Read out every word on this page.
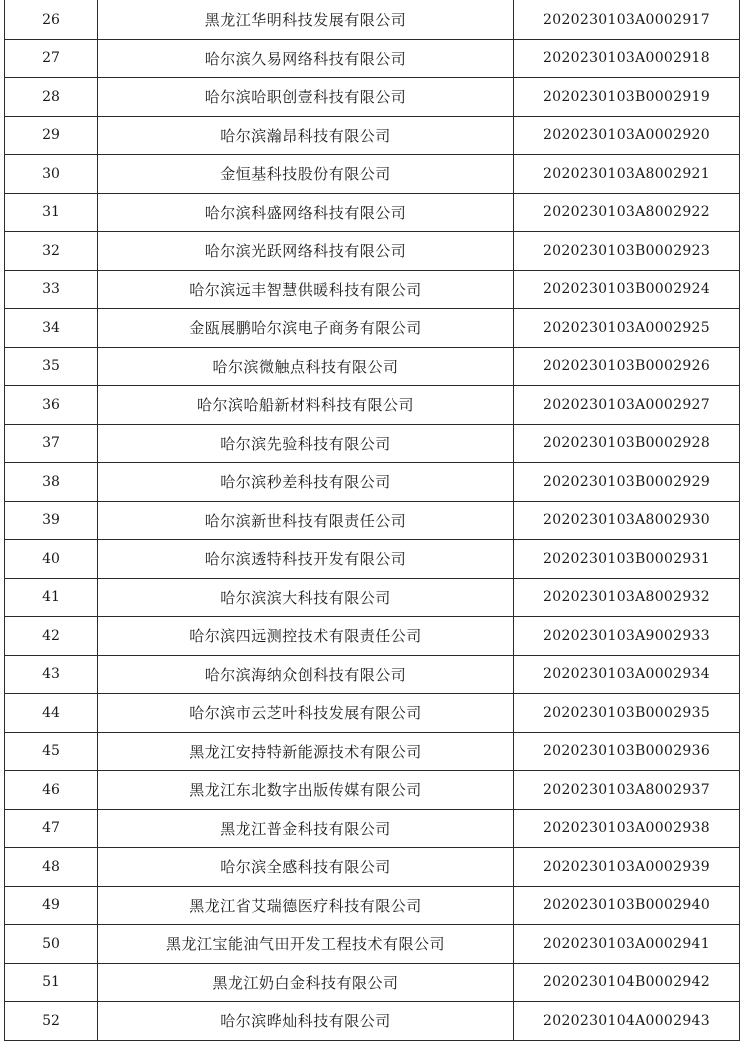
26	黑龙江华明科技发展有限公司	2020230103A0002917
27	哈尔滨久易网络科技有限公司	2020230103A0002918
28	哈尔滨哈职创壹科技有限公司	2020230103B0002919
29	哈尔滨瀚昂科技有限公司	2020230103A0002920
30	金恒基科技股份有限公司	2020230103A8002921
31	哈尔滨科盛网络科技有限公司	2020230103A8002922
32	哈尔滨光跃网络科技有限公司	2020230103B0002923
33	哈尔滨远丰智慧供暖科技有限公司	2020230103B0002924
34	金瓯展鹏哈尔滨电子商务有限公司	2020230103A0002925
35	哈尔滨微触点科技有限公司	2020230103B0002926
36	哈尔滨哈船新材料科技有限公司	2020230103A0002927
37	哈尔滨先验科技有限公司	2020230103B0002928
38	哈尔滨秒差科技有限公司	2020230103B0002929
39	哈尔滨新世科技有限责任公司	2020230103A8002930
40	哈尔滨透特科技开发有限公司	2020230103B0002931
41	哈尔滨滨大科技有限公司	2020230103A8002932
42	哈尔滨四远测控技术有限责任公司	2020230103A9002933
43	哈尔滨海纳众创科技有限公司	2020230103A0002934
44	哈尔滨市云芝叶科技发展有限公司	2020230103B0002935
45	黑龙江安持特新能源技术有限公司	2020230103B0002936
46	黑龙江东北数字出版传媒有限公司	2020230103A8002937
47	黑龙江普金科技有限公司	2020230103A0002938
48	哈尔滨全感科技有限公司	2020230103A0002939
49	黑龙江省艾瑞德医疗科技有限公司	2020230103B0002940
50	黑龙江宝能油气田开发工程技术有限公司	2020230103A0002941
51	黑龙江奶白金科技有限公司	2020230104B0002942
52	哈尔滨晔灿科技有限公司	2020230104A0002943
